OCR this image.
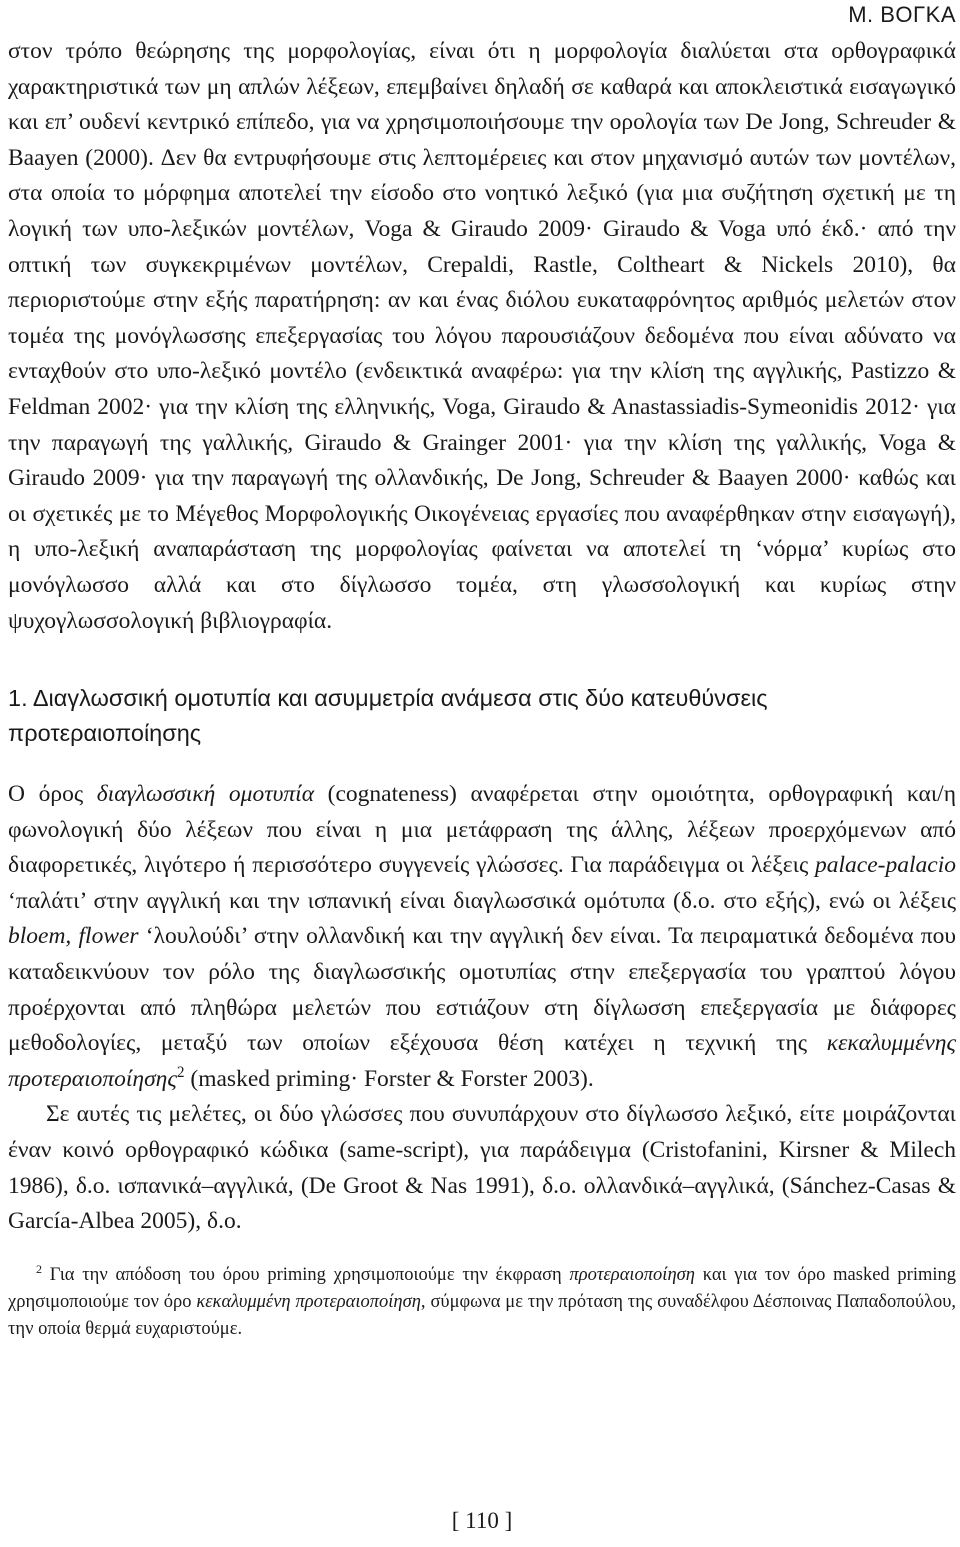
Μ. ΒΟΓΚΑ

στον τρόπο θεώρησης της μορφολογίας, είναι ότι η μορφολογία διαλύεται στα ορθογραφικά χαρακτηριστικά των μη απλών λέξεων, επεμβαίνει δηλαδή σε καθαρά και αποκλειστικά εισαγωγικό και επ’ ουδενί κεντρικό επίπεδο, για να χρησιμοποιήσουμε την ορολογία των De Jong, Schreuder & Baayen (2000). Δεν θα εντρυφήσουμε στις λεπτομέρειες και στον μηχανισμό αυτών των μοντέλων, στα οποία το μόρφημα αποτελεί την είσοδο στο νοητικό λεξικό (για μια συζήτηση σχετική με τη λογική των υπο-λεξικών μοντέλων, Voga & Giraudo 2009· Giraudo & Voga υπό έκδ.· από την οπτική των συγκεκριμένων μοντέλων, Crepaldi, Rastle, Coltheart & Nickels 2010), θα περιοριστούμε στην εξής παρατήρηση: αν και ένας διόλου ευκαταφρόνητος αριθμός μελετών στον τομέα της μονόγλωσσης επεξεργασίας του λόγου παρουσιάζουν δεδομένα που είναι αδύνατο να ενταχθούν στο υπο-λεξικό μοντέλο (ενδεικτικά αναφέρω: για την κλίση της αγγλικής, Pastizzo & Feldman 2002· για την κλίση της ελληνικής, Voga, Giraudo & Anastassiadis-Symeonidis 2012· για την παραγωγή της γαλλικής, Giraudo & Grainger 2001· για την κλίση της γαλλικής, Voga & Giraudo 2009· για την παραγωγή της ολλανδικής, De Jong, Schreuder & Baayen 2000· καθώς και οι σχετικές με το Μέγεθος Μορφολογικής Οικογένειας εργασίες που αναφέρθηκαν στην εισαγωγή), η υπο-λεξική αναπαράσταση της μορφολογίας φαίνεται να αποτελεί τη ‘νόρμα’ κυρίως στο μονόγλωσσο αλλά και στο δίγλωσσο τομέα, στη γλωσσολογική και κυρίως στην ψυχογλωσσολογική βιβλιογραφία.

1. Διαγλωσσική ομοτυπία και ασυμμετρία ανάμεσα στις δύο κατευθύνσεις προτεραιοποίησης

Ο όρος διαγλωσσική ομοτυπία (cognateness) αναφέρεται στην ομοιότητα, ορθογραφική και/η φωνολογική δύο λέξεων που είναι η μια μετάφραση της άλλης, λέξεων προερχόμενων από διαφορετικές, λιγότερο ή περισσότερο συγγενείς γλώσσες. Για παράδειγμα οι λέξεις palace-palacio ‘παλάτι’ στην αγγλική και την ισπανική είναι διαγλωσσικά ομότυπα (δ.ο. στο εξής), ενώ οι λέξεις bloem, flower ‘λουλούδι’ στην ολλανδική και την αγγλική δεν είναι. Τα πειραματικά δεδομένα που καταδεικνύουν τον ρόλο της διαγλωσσικής ομοτυπίας στην επεξεργασία του γραπτού λόγου προέρχονται από πληθώρα μελετών που εστιάζουν στη δίγλωσση επεξεργασία με διάφορες μεθοδολογίες, μεταξύ των οποίων εξέχουσα θέση κατέχει η τεχνική της κεκαλυμμένης προτεραιοποίησης$^2$ (masked priming· Forster & Forster 2003).

Σε αυτές τις μελέτες, οι δύο γλώσσες που συνυπάρχουν στο δίγλωσσο λεξικό, είτε μοιράζονται έναν κοινό ορθογραφικό κώδικα (same-script), για παράδειγμα (Cristofanini, Kirsner & Milech 1986), δ.ο. ισπανικά–αγγλικά, (De Groot & Nas 1991), δ.ο. ολλανδικά–αγγλικά, (Sánchez-Casas & García-Albea 2005), δ.ο.

$^2$ Για την απόδοση του όρου priming χρησιμοποιούμε την έκφραση προτεραιοποίηση και για τον όρο masked priming χρησιμοποιούμε τον όρο κεκαλυμμένη προτεραιοποίηση, σύμφωνα με την πρόταση της συναδέλφου Δέσποινας Παπαδοπούλου, την οποία θερμά ευχαριστούμε.

[ 110 ]
